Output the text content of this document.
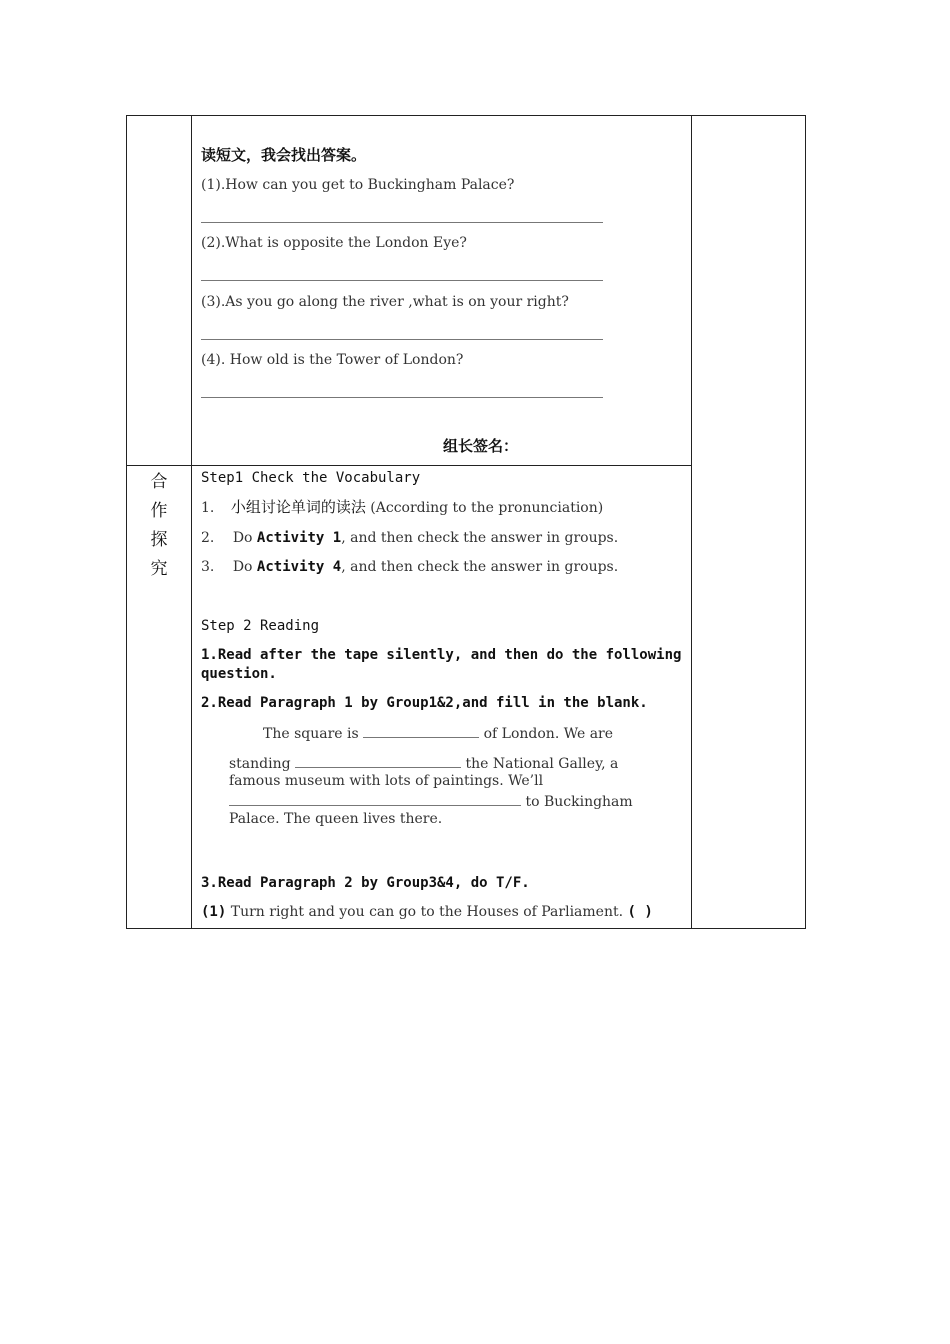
读短文，我会找出答案。
(1).How can you get to Buckingham Palace?
(2).What is opposite the London Eye?
(3).As you go along the river ,what is on your right?
(4). How old is the Tower of London?
组长签名：
合
作
探
究
Step1 Check the Vocabulary
1. 小组讨论单词的读法 (According to the pronunciation)
2. Do Activity 1, and then check the answer in groups.
3. Do Activity 4, and then check the answer in groups.
Step 2 Reading
1.Read after the tape silently, and then do the following
question.
2.Read Paragraph 1 by Group1&2,and fill in the blank.
The square is	of London. We are
standing	the National Galley, a
famous museum with lots of paintings. We’ll
to Buckingham
Palace. The queen lives there.
3.Read Paragraph 2 by Group3&4, do T/F.
(1) Turn right and you can go to the Houses of Parliament. ( )
